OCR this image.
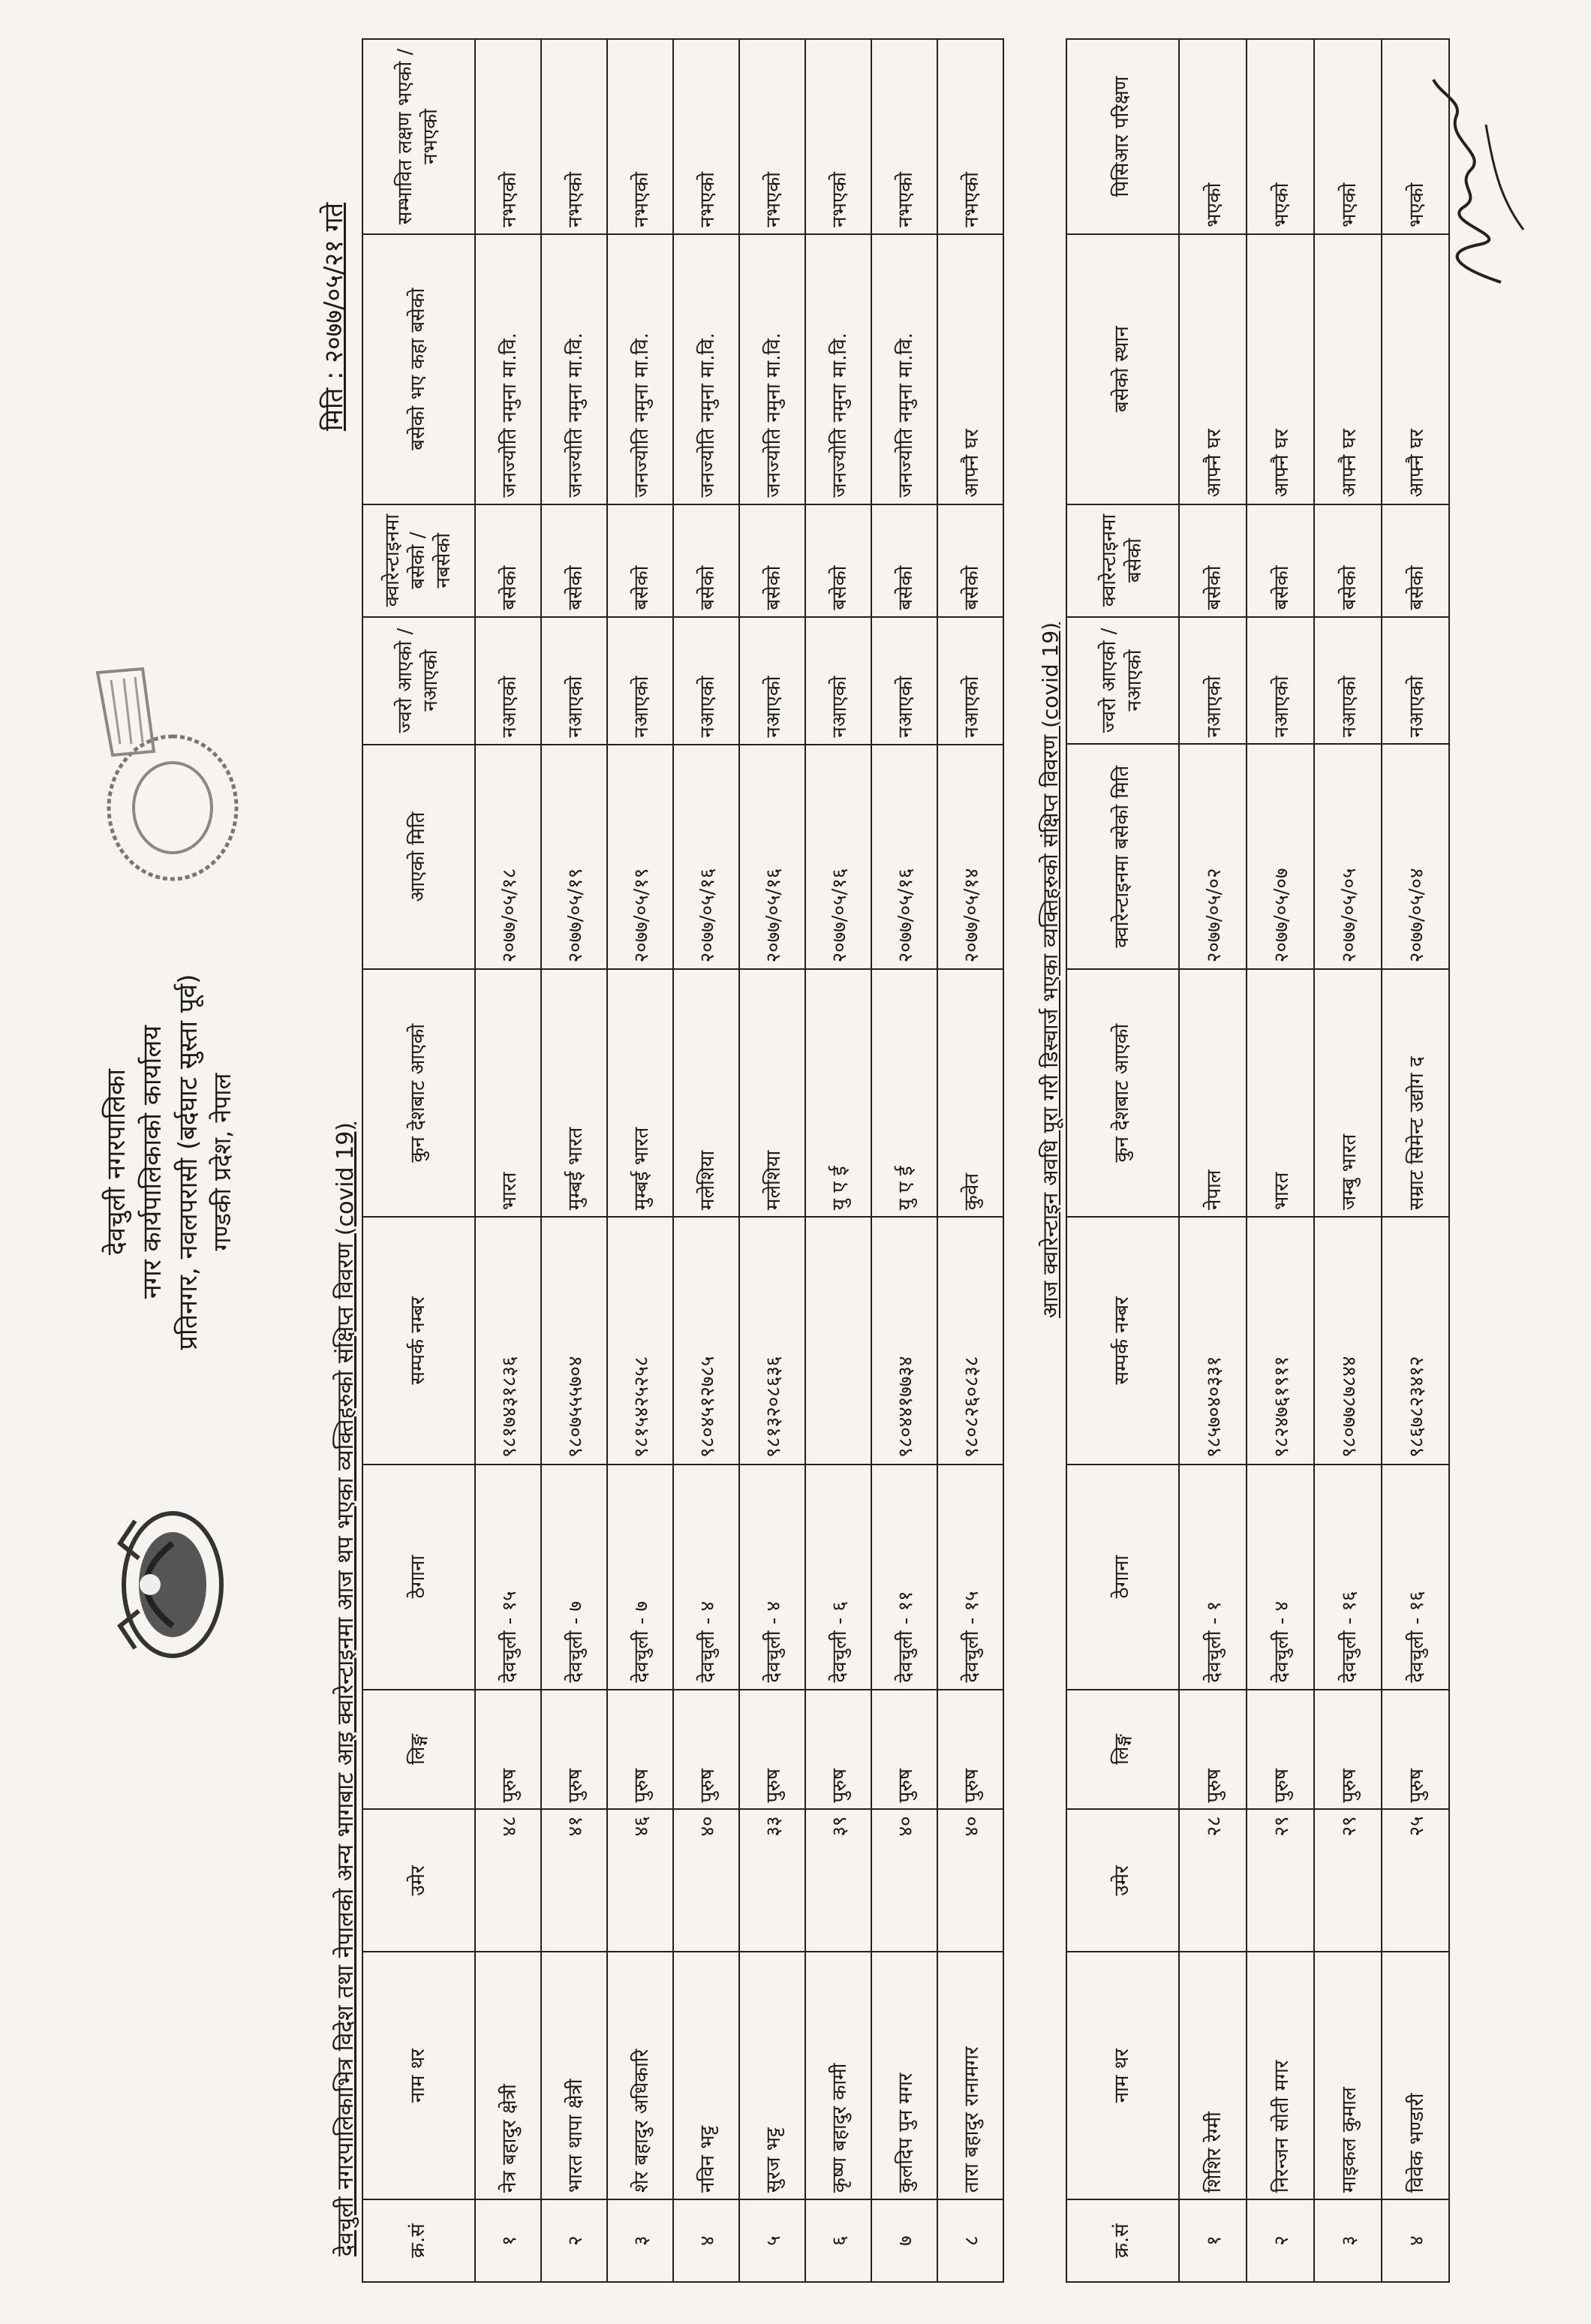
देवचुली नगरपालिका नगर कार्यपालिकाको कार्यालय प्रतिनगर, नवलपरासी (बर्दघाट सुस्ता पूर्व) गण्डकी प्रदेश, नेपाल	देवचुली नगरपालिकाभित्र विदेश तथा नेपालको अन्य भागबाट आइ क्वारेन्टाइनमा आज थप भएका व्यक्तिहरुको संक्षिप्त विवरण (covid 19)
मिति : २०७७/०५/२१ गते
क्र.सं	नाम थर	उमेर	लिङ्ग	ठेगाना	सम्पर्क नम्बर	कुन देशबाट आएको	आएको मिति	ज्वरो आएको / नआएको	क्वारेन्टाइनमा बसेको / नबसेको	बसेको भए कहा बसेको	सम्भावित लक्षण भएको / नभएको
१	नेत्र बहादुर क्षेत्री	४८	पुरुष	देवचुली - १५	९८१७४३१८३६	भारत	२०७७/०५/१८	नआएको	बसेको	जनज्योति नमुना मा.वि.	नभएको
२	भारत थापा क्षेत्री	४१	पुरुष	देवचुली - ७	९८०७५५५७०४	मुम्बई भारत	२०७७/०५/१९	नआएको	बसेको	जनज्योति नमुना मा.वि.	नभएको
३	शेर बहादुर अधिकारि	४६	पुरुष	देवचुली - ७	९८१५४२५२५८	मुम्बई भारत	२०७७/०५/१९	नआएको	बसेको	जनज्योति नमुना मा.वि.	नभएको
४	नविन भट्ट	४०	पुरुष	देवचुली - ४	९८०४५१२७८५	मलेशिया	२०७७/०५/१६	नआएको	बसेको	जनज्योति नमुना मा.वि.	नभएको
५	सुरज भट्ट	३३	पुरुष	देवचुली - ४	९८१३२०८६३६	मलेशिया	२०७७/०५/१६	नआएको	बसेको	जनज्योति नमुना मा.वि.	नभएको
६	कृष्ण बहादुर कामी	३९	पुरुष	देवचुली - ६		यु ए ई	२०७७/०५/१६	नआएको	बसेको	जनज्योति नमुना मा.वि.	नभएको
७	कुलदिप पुन मगर	४०	पुरुष	देवचुली - ११	९८०४४१७७३४	यु ए ई	२०७७/०५/१६	नआएको	बसेको	जनज्योति नमुना मा.वि.	नभएको
८	तारा बहादुर रानामगर	४०	पुरुष	देवचुली - १५	९८०८२६०८३८	कुवेत	२०७७/०५/१४	नआएको	बसेको	आफ्नै घर	नभएको
आज क्वारेन्टाइन अवधि पूरा गरी डिस्चार्ज भएका व्यक्तिहरुको संक्षिप्त विवरण (covid 19)
क्र.सं	नाम थर	उमेर	लिङ्ग	ठेगाना	सम्पर्क नम्बर	कुन देशबाट आएको	क्वारेन्टाइनमा बसेको मिति	ज्वरो आएको / नआएको	क्वारेन्टाइनमा बसेको	बसेको स्थान	पिसिआर परिक्षण
१	शिशिर रेग्मी	२८	पुरुष	देवचुली - १	९८५७०४०३३१	नेपाल	२०७७/०५/०२	नआएको	बसेको	आफ्नै घर	भएको
२	निरन्जन सोती मगर	२९	पुरुष	देवचुली - ४	९८२४७६१९११	भारत	२०७७/०५/०७	नआएको	बसेको	आफ्नै घर	भएको
३	माइकल कुमाल	२९	पुरुष	देवचुली - १६	९८०७७८७८४४	जम्बु भारत	२०७७/०५/०५	नआएको	बसेको	आफ्नै घर	भएको
४	विवेक भण्डारी	२५	पुरुष	देवचुली - १६	९८६७८२३४१२	सम्राट सिमेन्ट उद्योग द	२०७७/०५/०४	नआएको	बसेको	आफ्नै घर	भएको
